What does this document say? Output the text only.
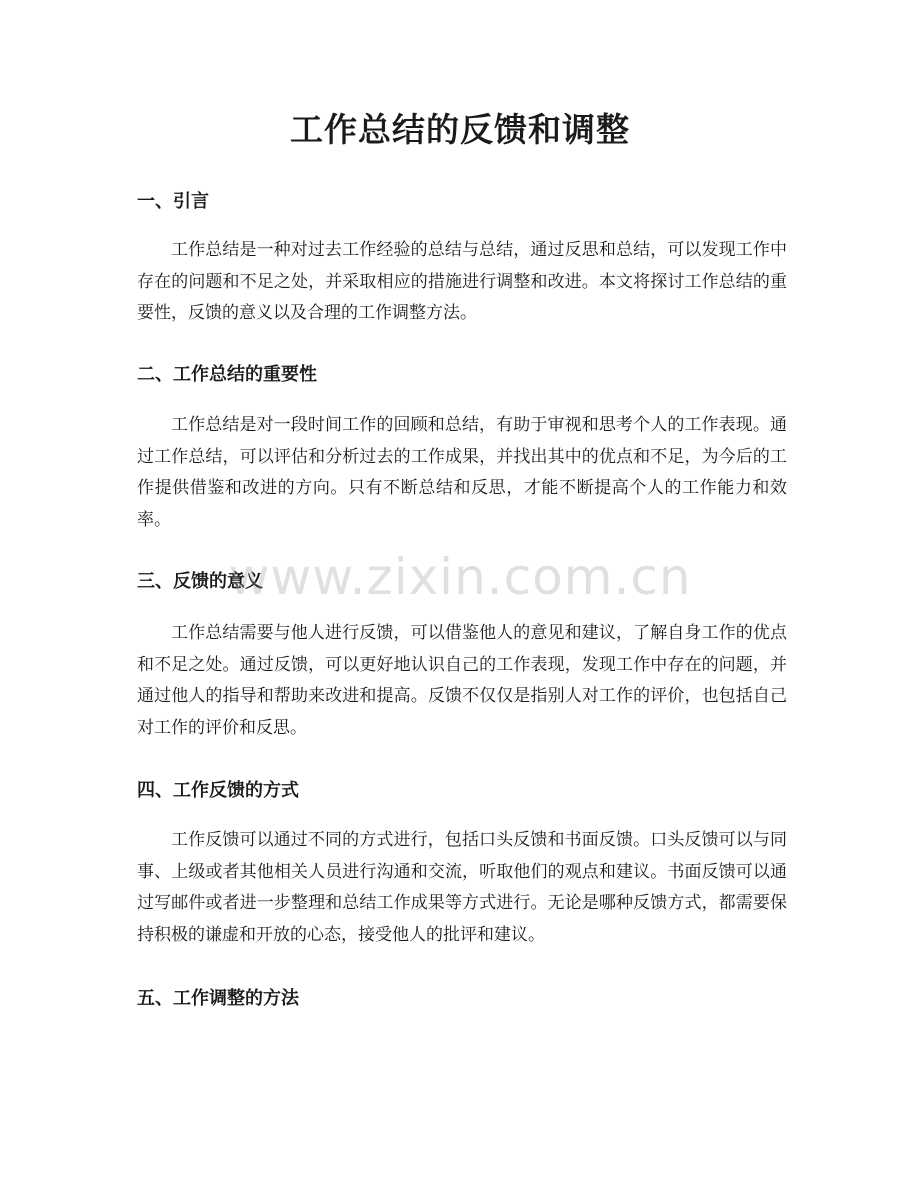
工作总结的反馈和调整
一、引言

工作总结是一种对过去工作经验的总结与总结，通过反思和总结，可以发现工作中存在的问题和不足之处，并采取相应的措施进行调整和改进。本文将探讨工作总结的重要性，反馈的意义以及合理的工作调整方法。

二、工作总结的重要性

工作总结是对一段时间工作的回顾和总结，有助于审视和思考个人的工作表现。通过工作总结，可以评估和分析过去的工作成果，并找出其中的优点和不足，为今后的工作提供借鉴和改进的方向。只有不断总结和反思，才能不断提高个人的工作能力和效率。

三、反馈的意义

工作总结需要与他人进行反馈，可以借鉴他人的意见和建议，了解自身工作的优点和不足之处。通过反馈，可以更好地认识自己的工作表现，发现工作中存在的问题，并通过他人的指导和帮助来改进和提高。反馈不仅仅是指别人对工作的评价，也包括自己对工作的评价和反思。

四、工作反馈的方式

工作反馈可以通过不同的方式进行，包括口头反馈和书面反馈。口头反馈可以与同事、上级或者其他相关人员进行沟通和交流，听取他们的观点和建议。书面反馈可以通过写邮件或者进一步整理和总结工作成果等方式进行。无论是哪种反馈方式，都需要保持积极的谦虚和开放的心态，接受他人的批评和建议。

五、工作调整的方法
www.zixin.com.cn
